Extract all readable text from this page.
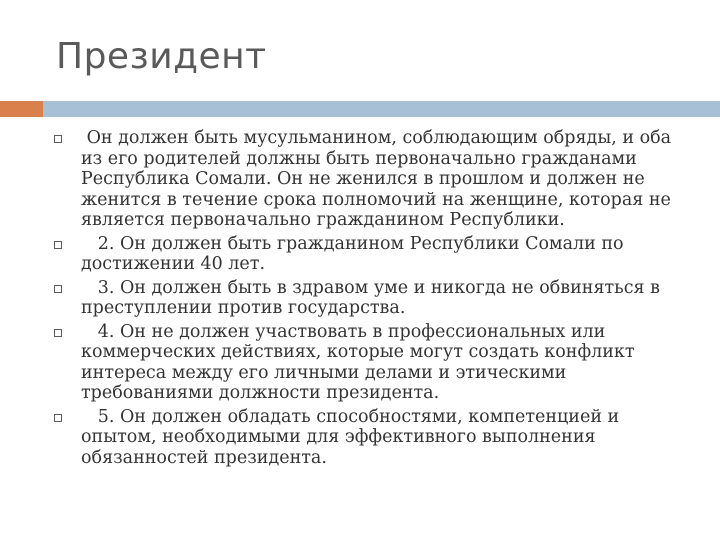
Президент
Он должен быть мусульманином, соблюдающим обряды, и оба из его родителей должны быть первоначально гражданами Республика Сомали. Он не женился в прошлом и должен не женится в течение срока полномочий на женщине, которая не является первоначально гражданином Республики.
2. Он должен быть гражданином Республики Сомали по достижении 40 лет.
3. Он должен быть в здравом уме и никогда не обвиняться в преступлении против государства.
4. Он не должен участвовать в профессиональных или коммерческих действиях, которые могут создать конфликт интереса между его личными делами и этическими требованиями должности президента.
5. Он должен обладать способностями, компетенцией и опытом, необходимыми для эффективного выполнения обязанностей президента.
